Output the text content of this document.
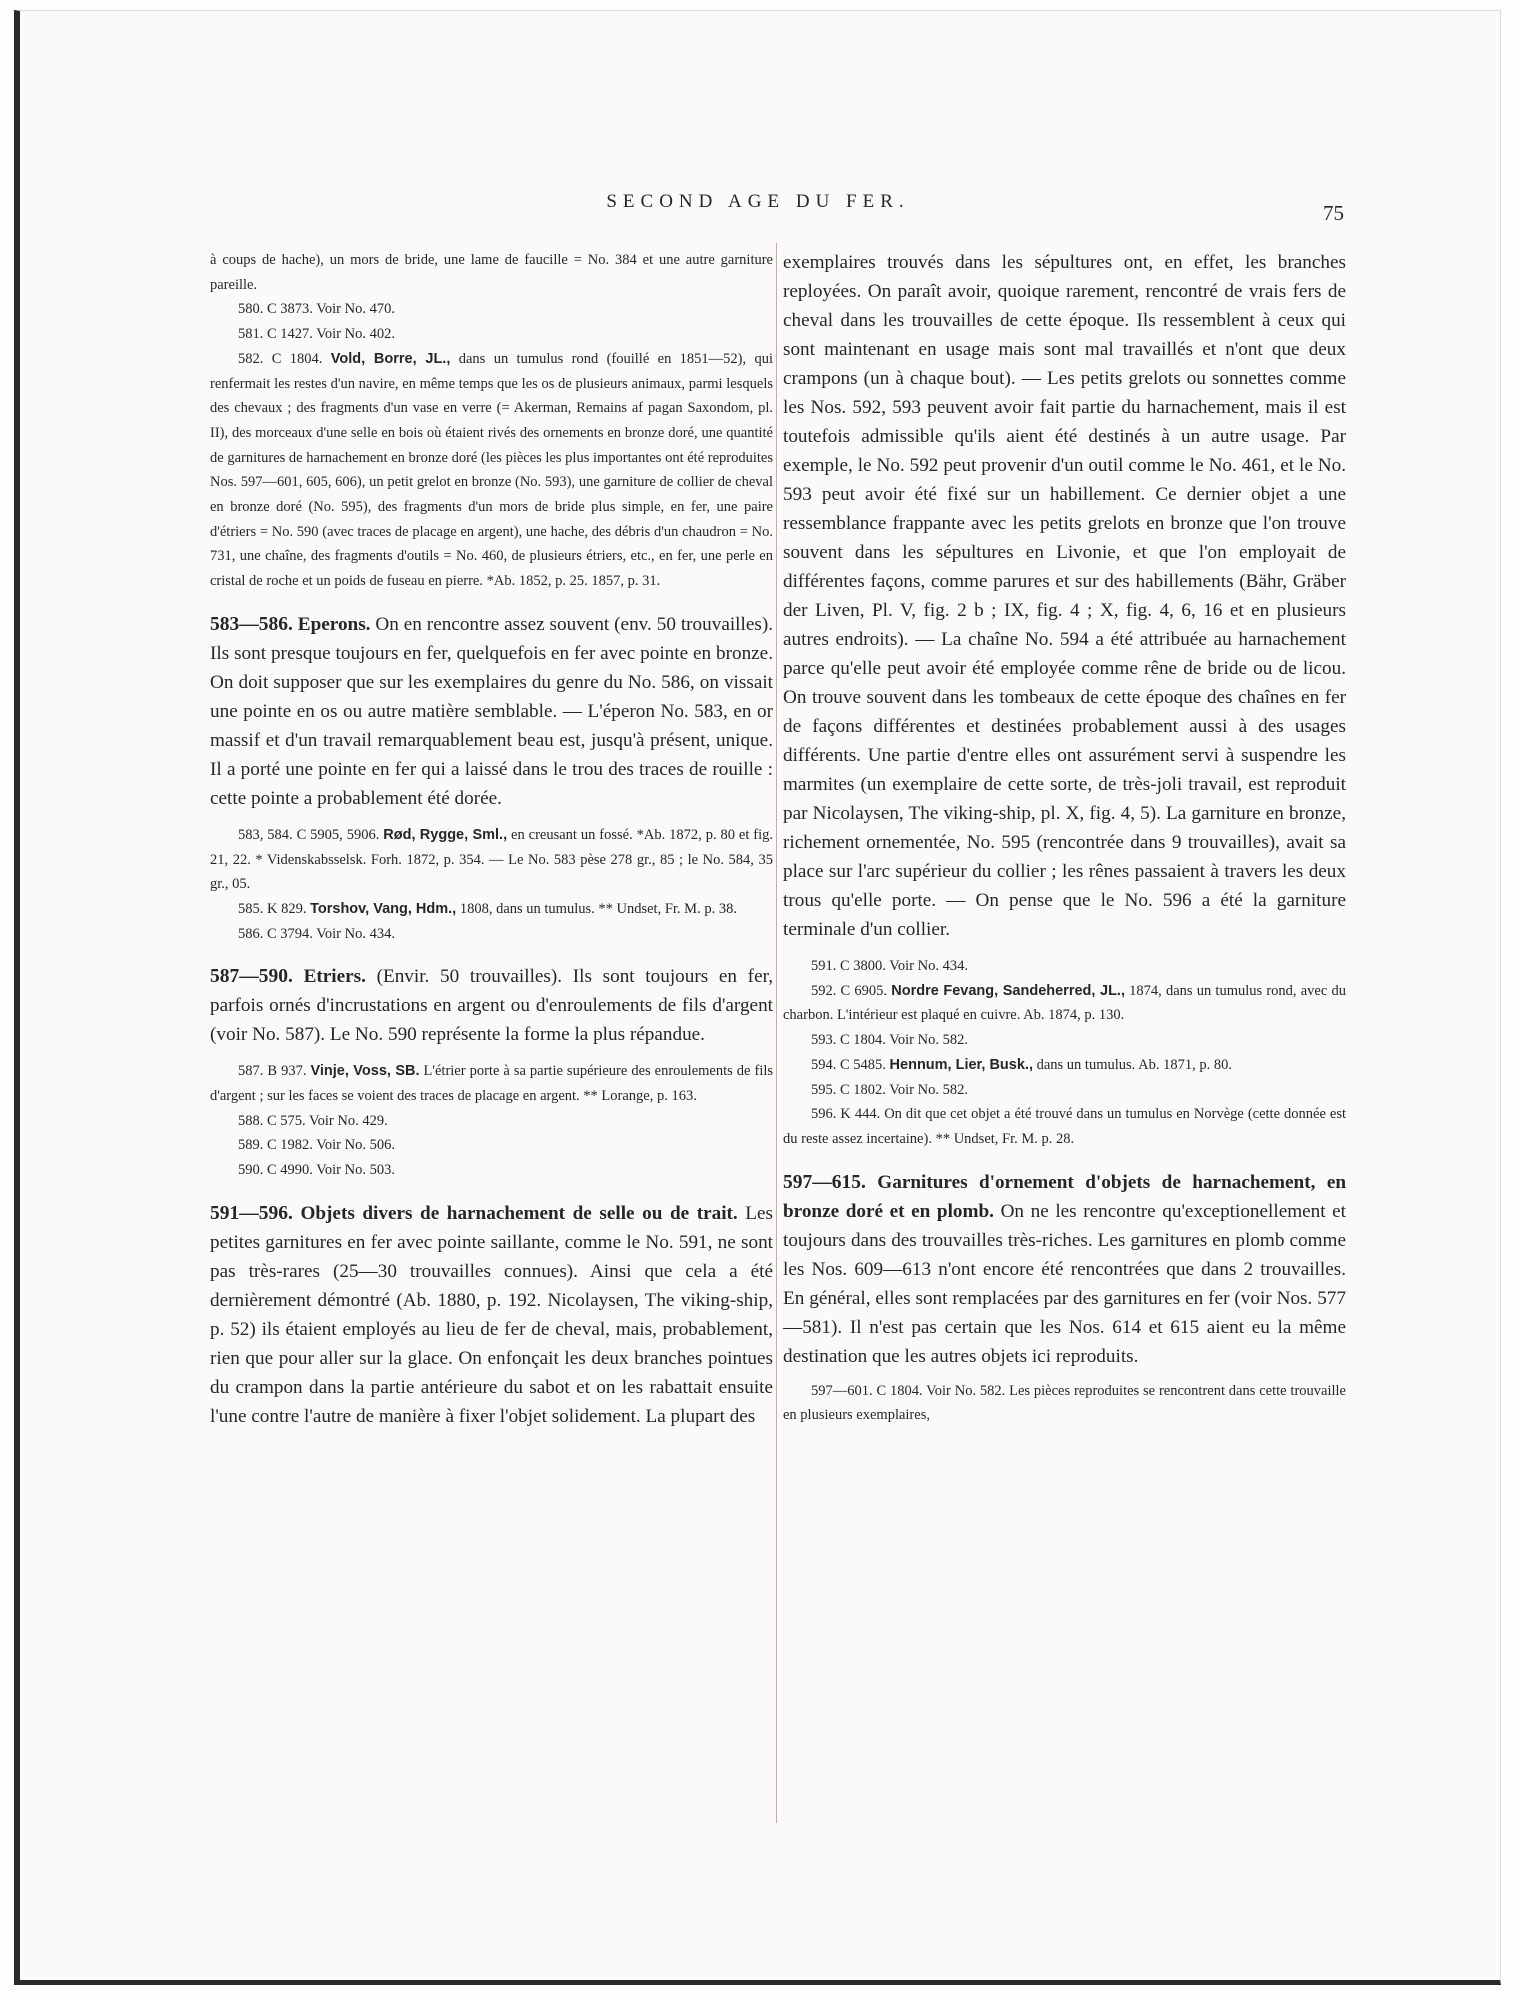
SECOND AGE DU FER.	75

à coups de hache), un mors de bride, une lame de faucille = No. 384 et une autre garniture pareille.

580. C 3873. Voir No. 470.

581. C 1427. Voir No. 402.

582. C 1804. Vold, Borre, JL., dans un tumulus rond (fouillé en 1851—52), qui renfermait les restes d'un navire, en même temps que les os de plusieurs animaux, parmi lesquels des chevaux ; des fragments d'un vase en verre (= Akerman, Remains af pagan Saxondom, pl. II), des morceaux d'une selle en bois où étaient rivés des ornements en bronze doré, une quantité de garnitures de harnachement en bronze doré (les pièces les plus importantes ont été reproduites Nos. 597—601, 605, 606), un petit grelot en bronze (No. 593), une garniture de collier de cheval en bronze doré (No. 595), des fragments d'un mors de bride plus simple, en fer, une paire d'étriers = No. 590 (avec traces de placage en argent), une hache, des débris d'un chaudron = No. 731, une chaîne, des fragments d'outils = No. 460, de plusieurs étriers, etc., en fer, une perle en cristal de roche et un poids de fuseau en pierre. *Ab. 1852, p. 25. 1857, p. 31.

583—586. Eperons. On en rencontre assez souvent (env. 50 trouvailles). Ils sont presque toujours en fer, quelquefois en fer avec pointe en bronze. On doit supposer que sur les exemplaires du genre du No. 586, on vissait une pointe en os ou autre matière semblable. — L'éperon No. 583, en or massif et d'un travail remarquablement beau est, jusqu'à présent, unique. Il a porté une pointe en fer qui a laissé dans le trou des traces de rouille : cette pointe a probablement été dorée.

583, 584. C 5905, 5906. Rød, Rygge, Sml., en creusant un fossé. *Ab. 1872, p. 80 et fig. 21, 22. * Videnskabsselsk. Forh. 1872, p. 354. — Le No. 583 pèse 278 gr., 85 ; le No. 584, 35 gr., 05.

585. K 829. Torshov, Vang, Hdm., 1808, dans un tumulus. ** Undset, Fr. M. p. 38.

586. C 3794. Voir No. 434.

587—590. Etriers. (Envir. 50 trouvailles). Ils sont toujours en fer, parfois ornés d'incrustations en argent ou d'enroulements de fils d'argent (voir No. 587). Le No. 590 représente la forme la plus répandue.

587. B 937. Vinje, Voss, SB. L'étrier porte à sa partie supérieure des enroulements de fils d'argent ; sur les faces se voient des traces de placage en argent. ** Lorange, p. 163.

588. C 575. Voir No. 429.

589. C 1982. Voir No. 506.

590. C 4990. Voir No. 503.

591—596. Objets divers de harnachement de selle ou de trait. Les petites garnitures en fer avec pointe saillante, comme le No. 591, ne sont pas très-rares (25—30 trouvailles connues). Ainsi que cela a été dernièrement démontré (Ab. 1880, p. 192. Nicolaysen, The viking-ship, p. 52) ils étaient employés au lieu de fer de cheval, mais, probablement, rien que pour aller sur la glace. On enfonçait les deux branches pointues du crampon dans la partie antérieure du sabot et on les rabattait ensuite l'une contre l'autre de manière à fixer l'objet solidement. La plupart des

exemplaires trouvés dans les sépultures ont, en effet, les branches reployées. On paraît avoir, quoique rarement, rencontré de vrais fers de cheval dans les trouvailles de cette époque. Ils ressemblent à ceux qui sont maintenant en usage mais sont mal travaillés et n'ont que deux crampons (un à chaque bout). — Les petits grelots ou sonnettes comme les Nos. 592, 593 peuvent avoir fait partie du harnachement, mais il est toutefois admissible qu'ils aient été destinés à un autre usage. Par exemple, le No. 592 peut provenir d'un outil comme le No. 461, et le No. 593 peut avoir été fixé sur un habillement. Ce dernier objet a une ressemblance frappante avec les petits grelots en bronze que l'on trouve souvent dans les sépultures en Livonie, et que l'on employait de différentes façons, comme parures et sur des habillements (Bähr, Gräber der Liven, Pl. V, fig. 2 b ; IX, fig. 4 ; X, fig. 4, 6, 16 et en plusieurs autres endroits). — La chaîne No. 594 a été attribuée au harnachement parce qu'elle peut avoir été employée comme rêne de bride ou de licou. On trouve souvent dans les tombeaux de cette époque des chaînes en fer de façons différentes et destinées probablement aussi à des usages différents. Une partie d'entre elles ont assurément servi à suspendre les marmites (un exemplaire de cette sorte, de très-joli travail, est reproduit par Nicolaysen, The viking-ship, pl. X, fig. 4, 5). La garniture en bronze, richement ornementée, No. 595 (rencontrée dans 9 trouvailles), avait sa place sur l'arc supérieur du collier ; les rênes passaient à travers les deux trous qu'elle porte. — On pense que le No. 596 a été la garniture terminale d'un collier.

591. C 3800. Voir No. 434.

592. C 6905. Nordre Fevang, Sandeherred, JL., 1874, dans un tumulus rond, avec du charbon. L'intérieur est plaqué en cuivre. Ab. 1874, p. 130.

593. C 1804. Voir No. 582.

594. C 5485. Hennum, Lier, Busk., dans un tumulus. Ab. 1871, p. 80.

595. C 1802. Voir No. 582.

596. K 444. On dit que cet objet a été trouvé dans un tumulus en Norvège (cette donnée est du reste assez incertaine). ** Undset, Fr. M. p. 28.

597—615. Garnitures d'ornement d'objets de harnachement, en bronze doré et en plomb. On ne les rencontre qu'exceptionellement et toujours dans des trouvailles très-riches. Les garnitures en plomb comme les Nos. 609—613 n'ont encore été rencontrées que dans 2 trouvailles. En général, elles sont remplacées par des garnitures en fer (voir Nos. 577—581). Il n'est pas certain que les Nos. 614 et 615 aient eu la même destination que les autres objets ici reproduits.

597—601. C 1804. Voir No. 582. Les pièces reproduites se rencontrent dans cette trouvaille en plusieurs exemplaires,
